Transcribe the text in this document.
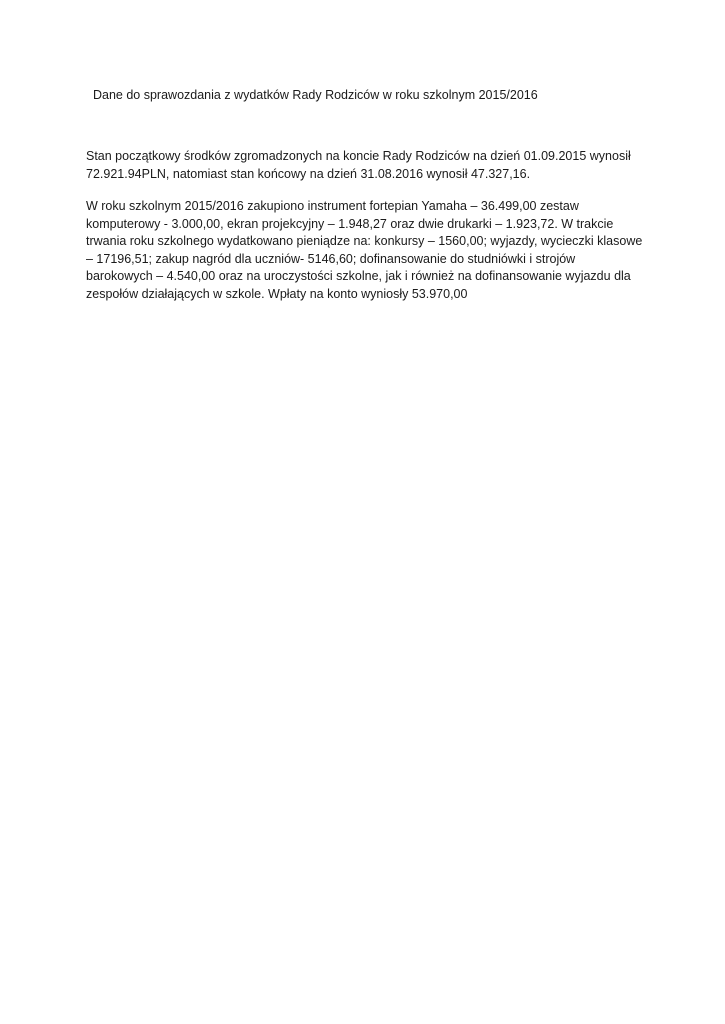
Dane do sprawozdania z wydatków Rady Rodziców w roku szkolnym 2015/2016

Stan początkowy środków zgromadzonych na koncie Rady Rodziców na dzień 01.09.2015 wynosił
72.921.94PLN, natomiast stan końcowy na dzień 31.08.2016 wynosił 47.327,16.

W roku szkolnym 2015/2016 zakupiono instrument fortepian Yamaha – 36.499,00 zestaw
komputerowy - 3.000,00, ekran projekcyjny – 1.948,27 oraz dwie drukarki – 1.923,72. W trakcie
trwania roku szkolnego wydatkowano pieniądze na: konkursy – 1560,00; wyjazdy, wycieczki klasowe
– 17196,51; zakup nagród dla uczniów- 5146,60; dofinansowanie do studniówki i strojów
barokowych – 4.540,00 oraz na uroczystości szkolne, jak i również na dofinansowanie wyjazdu dla
zespołów działających w szkole. Wpłaty na konto wyniosły 53.970,00
